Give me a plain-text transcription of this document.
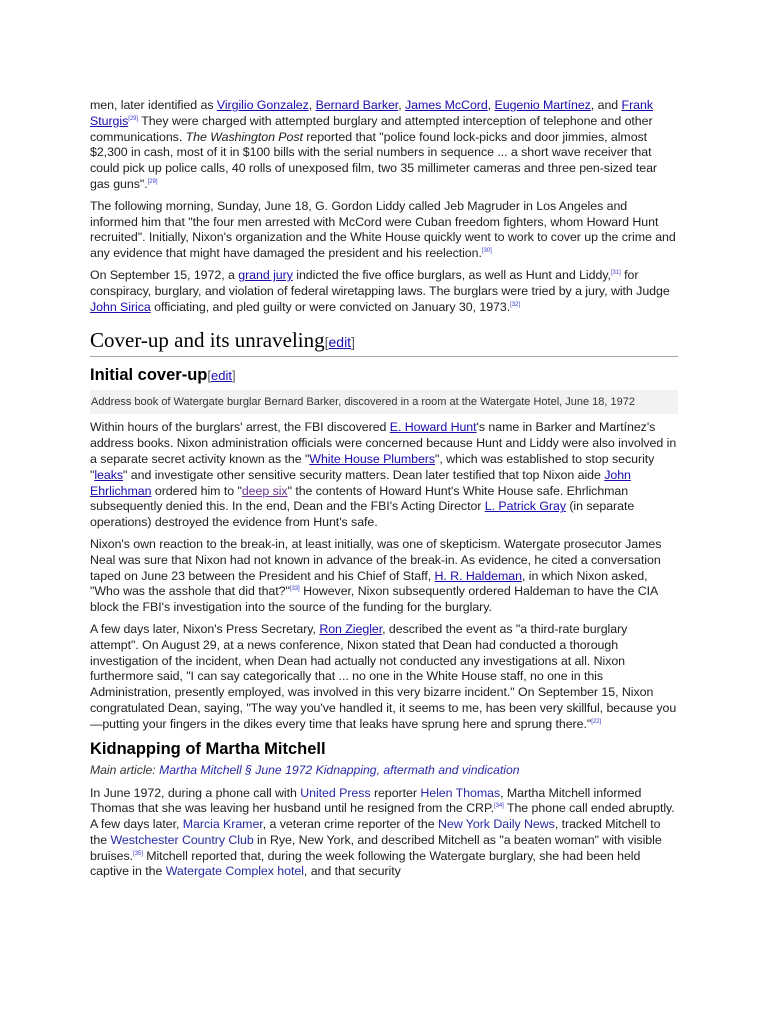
men, later identified as Virgilio Gonzalez, Bernard Barker, James McCord, Eugenio Martínez, and Frank Sturgis[29] They were charged with attempted burglary and attempted interception of telephone and other communications. The Washington Post reported that "police found lock-picks and door jimmies, almost $2,300 in cash, most of it in $100 bills with the serial numbers in sequence ... a short wave receiver that could pick up police calls, 40 rolls of unexposed film, two 35 millimeter cameras and three pen-sized tear gas guns".[29]

The following morning, Sunday, June 18, G. Gordon Liddy called Jeb Magruder in Los Angeles and informed him that "the four men arrested with McCord were Cuban freedom fighters, whom Howard Hunt recruited". Initially, Nixon's organization and the White House quickly went to work to cover up the crime and any evidence that might have damaged the president and his reelection.[30]

On September 15, 1972, a grand jury indicted the five office burglars, as well as Hunt and Liddy,[31] for conspiracy, burglary, and violation of federal wiretapping laws. The burglars were tried by a jury, with Judge John Sirica officiating, and pled guilty or were convicted on January 30, 1973.[32]

Cover-up and its unraveling[edit]
Initial cover-up[edit]
Address book of Watergate burglar Bernard Barker, discovered in a room at the Watergate Hotel, June 18, 1972

Within hours of the burglars' arrest, the FBI discovered E. Howard Hunt's name in Barker and Martínez's address books. Nixon administration officials were concerned because Hunt and Liddy were also involved in a separate secret activity known as the "White House Plumbers", which was established to stop security "leaks" and investigate other sensitive security matters. Dean later testified that top Nixon aide John Ehrlichman ordered him to "deep six" the contents of Howard Hunt's White House safe. Ehrlichman subsequently denied this. In the end, Dean and the FBI's Acting Director L. Patrick Gray (in separate operations) destroyed the evidence from Hunt's safe.

Nixon's own reaction to the break-in, at least initially, was one of skepticism. Watergate prosecutor James Neal was sure that Nixon had not known in advance of the break-in. As evidence, he cited a conversation taped on June 23 between the President and his Chief of Staff, H. R. Haldeman, in which Nixon asked, "Who was the asshole that did that?"[33] However, Nixon subsequently ordered Haldeman to have the CIA block the FBI's investigation into the source of the funding for the burglary.

A few days later, Nixon's Press Secretary, Ron Ziegler, described the event as "a third-rate burglary attempt". On August 29, at a news conference, Nixon stated that Dean had conducted a thorough investigation of the incident, when Dean had actually not conducted any investigations at all. Nixon furthermore said, "I can say categorically that ... no one in the White House staff, no one in this Administration, presently employed, was involved in this very bizarre incident." On September 15, Nixon congratulated Dean, saying, "The way you've handled it, it seems to me, has been very skillful, because you—putting your fingers in the dikes every time that leaks have sprung here and sprung there."[22]

Kidnapping of Martha Mitchell
Main article: Martha Mitchell § June 1972 Kidnapping, aftermath and vindication

In June 1972, during a phone call with United Press reporter Helen Thomas, Martha Mitchell informed Thomas that she was leaving her husband until he resigned from the CRP.[34] The phone call ended abruptly. A few days later, Marcia Kramer, a veteran crime reporter of the New York Daily News, tracked Mitchell to the Westchester Country Club in Rye, New York, and described Mitchell as "a beaten woman" with visible bruises.[35] Mitchell reported that, during the week following the Watergate burglary, she had been held captive in the Watergate Complex hotel, and that security
